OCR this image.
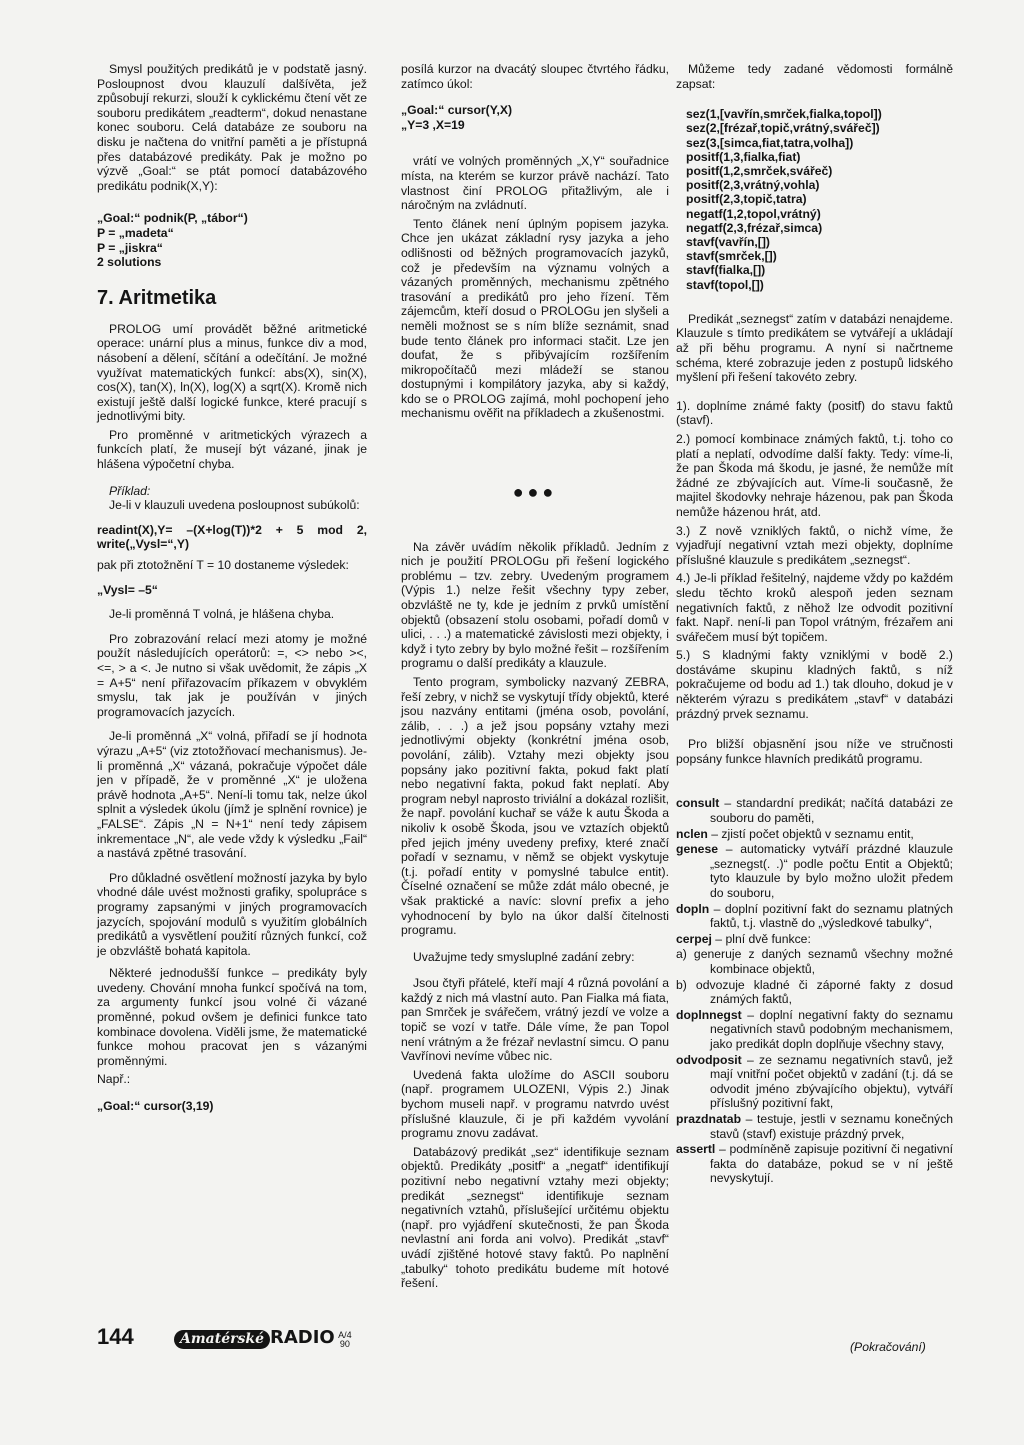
Smysl použitých predikátů je v podstatě jasný. Posloupnost dvou klauzulí dalšívěta, jež způsobují rekurzi, slouží k cyklickému čtení vět ze souboru predikátem „readterm“, dokud nenastane konec souboru. Celá databáze ze souboru na disku je načtena do vnitřní paměti a je přístupná přes databázové predikáty. Pak je možno po výzvě „Goal:“ se ptát pomocí databázového predikátu podnik(X,Y):

„Goal:“ podnik(P, „tábor“)

P = „madeta“

P = „jiskra“

2 solutions

7. Aritmetika

PROLOG umí provádět běžné aritmetické operace: unární plus a minus, funkce div a mod, násobení a dělení, sčítání a odečítání. Je možné využívat matematických funkcí: abs(X), sin(X), cos(X), tan(X), ln(X), log(X) a sqrt(X). Kromě nich existují ještě další logické funkce, které pracují s jednotlivými bity.

Pro proměnné v aritmetických výrazech a funkcích platí, že musejí být vázané, jinak je hlášena výpočetní chyba.

Příklad:

Je-li v klauzuli uvedena posloupnost subúkolů:

readint(X),Y= –(X+log(T))*2 + 5 mod 2, write(„Vysl=“,Y)

pak při ztotožnění T = 10 dostaneme výsledek:

„Vysl= –5“

Je-li proměnná T volná, je hlášena chyba.

Pro zobrazování relací mezi atomy je možné použít následujících operátorů: =, <> nebo ><, <=, > a <. Je nutno si však uvědomit, že zápis „X = A+5“ není přiřazovacím příkazem v obvyklém smyslu, tak jak je používán v jiných programovacích jazycích.

Je-li proměnná „X“ volná, přiřadí se jí hodnota výrazu „A+5“ (viz ztotožňovací mechanismus). Je-li proměnná „X“ vázaná, pokračuje výpočet dále jen v případě, že v proměnné „X“ je uložena právě hodnota „A+5“. Není-li tomu tak, nelze úkol splnit a výsledek úkolu (jímž je splnění rovnice) je „FALSE“. Zápis „N = N+1“ není tedy zápisem inkrementace „N“, ale vede vždy k výsledku „Fail“ a nastává zpětné trasování.

Pro důkladné osvětlení možností jazyka by bylo vhodné dále uvést možnosti grafiky, spolupráce s programy zapsanými v jiných programovacích jazycích, spojování modulů s využitím globálních predikátů a vysvětlení použití různých funkcí, což je obzvláště bohatá kapitola.

Některé jednodušší funkce – predikáty byly uvedeny. Chování mnoha funkcí spočívá na tom, za argumenty funkcí jsou volné či vázané proměnné, pokud ovšem je definici funkce tato kombinace dovolena. Viděli jsme, že matematické funkce mohou pracovat jen s vázanými proměnnými.

Např.:

„Goal:“ cursor(3,19)

posílá kurzor na dvacátý sloupec čtvrtého řádku, zatímco úkol:

„Goal:“ cursor(Y,X)

„Y=3 ,X=19

vrátí ve volných proměnných „X,Y“ souřadnice místa, na kterém se kurzor právě nachází. Tato vlastnost činí PROLOG přitažlivým, ale i náročným na zvládnutí.

Tento článek není úplným popisem jazyka. Chce jen ukázat základní rysy jazyka a jeho odlišnosti od běžných programovacích jazyků, což je především na významu volných a vázaných proměnných, mechanismu zpětného trasování a predikátů pro jeho řízení. Těm zájemcům, kteří dosud o PROLOGu jen slyšeli a neměli možnost se s ním blíže seznámit, snad bude tento článek pro informaci stačit. Lze jen doufat, že s přibývajícím rozšířením mikropočítačů mezi mládeží se stanou dostupnými i kompilátory jazyka, aby si každý, kdo se o PROLOG zajímá, mohl pochopení jeho mechanismu ověřit na příkladech a zkušenostmi.

●●●

Na závěr uvádím několik příkladů. Jedním z nich je použití PROLOGu při řešení logického problému – tzv. zebry. Uvedeným programem (Výpis 1.) nelze řešit všechny typy zeber, obzvláště ne ty, kde je jedním z prvků umístění objektů (obsazení stolu osobami, pořadí domů v ulici, . . .) a matematické závislosti mezi objekty, i když i tyto zebry by bylo možné řešit – rozšířením programu o další predikáty a klauzule.

Tento program, symbolicky nazvaný ZEBRA, řeší zebry, v nichž se vyskytují třídy objektů, které jsou nazvány entitami (jména osob, povolání, zálib, . . .) a jež jsou popsány vztahy mezi jednotlivými objekty (konkrétní jména osob, povolání, zálib). Vztahy mezi objekty jsou popsány jako pozitivní fakta, pokud fakt platí nebo negativní fakta, pokud fakt neplatí. Aby program nebyl naprosto triviální a dokázal rozlišit, že např. povolání kuchař se váže k autu Škoda a nikoliv k osobě Škoda, jsou ve vztazích objektů před jejich jmény uvedeny prefixy, které značí pořadí v seznamu, v němž se objekt vyskytuje (t.j. pořadí entity v pomyslné tabulce entit). Číselné označení se může zdát málo obecné, je však praktické a navíc: slovní prefix a jeho vyhodnocení by bylo na úkor další čitelnosti programu.

Uvažujme tedy smysluplné zadání zebry:

Jsou čtyři přátelé, kteří mají 4 různá povolání a každý z nich má vlastní auto. Pan Fialka má fiata, pan Smrček je svářečem, vrátný jezdí ve volze a topič se vozí v tatře. Dále víme, že pan Topol není vrátným a že frézař nevlastní simcu. O panu Vavřínovi nevíme vůbec nic.

Uvedená fakta uložíme do ASCII souboru (např. programem ULOZENI, Výpis 2.) Jinak bychom museli např. v programu natvrdo uvést příslušné klauzule, či je při každém vyvolání programu znovu zadávat.

Databázový predikát „sez“ identifikuje seznam objektů. Predikáty „positf“ a „negatf“ identifikují pozitivní nebo negativní vztahy mezi objekty; predikát „seznegst“ identifikuje seznam negativních vztahů, příslušející určitému objektu (např. pro vyjádření skutečnosti, že pan Škoda nevlastní ani forda ani volvo). Predikát „stavf“ uvádí zjištěné hotové stavy faktů. Po naplnění „tabulky“ tohoto predikátu budeme mít hotové řešení.

Můžeme tedy zadané vědomosti formálně zapsat:

sez(1,[vavřín,smrček,fialka,topol])
sez(2,[frézař,topič,vrátný,svářeč])
sez(3,[simca,fiat,tatra,volha])
positf(1,3,fialka,fiat)
positf(1,2,smrček,svářeč)
positf(2,3,vrátný,vohla)
positf(2,3,topič,tatra)
negatf(1,2,topol,vrátný)
negatf(2,3,frézař,simca)
stavf(vavřín,[])
stavf(smrček,[])
stavf(fialka,[])
stavf(topol,[])

Predikát „seznegst“ zatím v databázi nenajdeme. Klauzule s tímto predikátem se vytvářejí a ukládají až při běhu programu. A nyní si načrtneme schéma, které zobrazuje jeden z postupů lidského myšlení při řešení takovéto zebry.

1). doplníme známé fakty (positf) do stavu faktů (stavf).

2.) pomocí kombinace známých faktů, t.j. toho co platí a neplatí, odvodíme další fakty. Tedy: víme-li, že pan Škoda má škodu, je jasné, že nemůže mít žádné ze zbývajících aut. Víme-li současně, že majitel škodovky nehraje házenou, pak pan Škoda nemůže házenou hrát, atd.

3.) Z nově vzniklých faktů, o nichž víme, že vyjadřují negativní vztah mezi objekty, doplníme příslušné klauzule s predikátem „seznegst“.

4.) Je-li příklad řešitelný, najdeme vždy po každém sledu těchto kroků alespoň jeden seznam negativních faktů, z něhož lze odvodit pozitivní fakt. Např. není-li pan Topol vrátným, frézařem ani svářečem musí být topičem.

5.) S kladnými fakty vzniklými v bodě 2.) dostáváme skupinu kladných faktů, s níž pokračujeme od bodu ad 1.) tak dlouho, dokud je v některém výrazu s predikátem „stavf“ v databázi prázdný prvek seznamu.

Pro bližší objasnění jsou níže ve stručnosti popsány funkce hlavních predikátů programu.

consult – standardní predikát; načítá databázi ze souboru do paměti,

nclen – zjistí počet objektů v seznamu entit,

genese – automaticky vytváří prázdné klauzule „seznegst(. .)“ podle počtu Entit a Objektů; tyto klauzule by bylo možno uložit předem do souboru,

dopln – doplní pozitivní fakt do seznamu platných faktů, t.j. vlastně do „výsledkové tabulky“,

cerpej – plní dvě funkce:

a) generuje z daných seznamů všechny možné kombinace objektů,

b) odvozuje kladné či záporné fakty z dosud známých faktů,

doplnnegst – doplní negativní fakty do seznamu negativních stavů podobným mechanismem, jako predikát dopln doplňuje všechny stavy,

odvodposit – ze seznamu negativních stavů, jež mají vnitřní počet objektů v zadání (t.j. dá se odvodit jméno zbývajícího objektu), vytváří příslušný pozitivní fakt,

prazdnatab – testuje, jestli v seznamu konečných stavů (stavf) existuje prázdný prvek,

assertl – podmíněně zapisuje pozitivní či negativní fakta do databáze, pokud se v ní ještě nevyskytují.

144	Amatérské RADIO A/4
90	(Pokračování)
